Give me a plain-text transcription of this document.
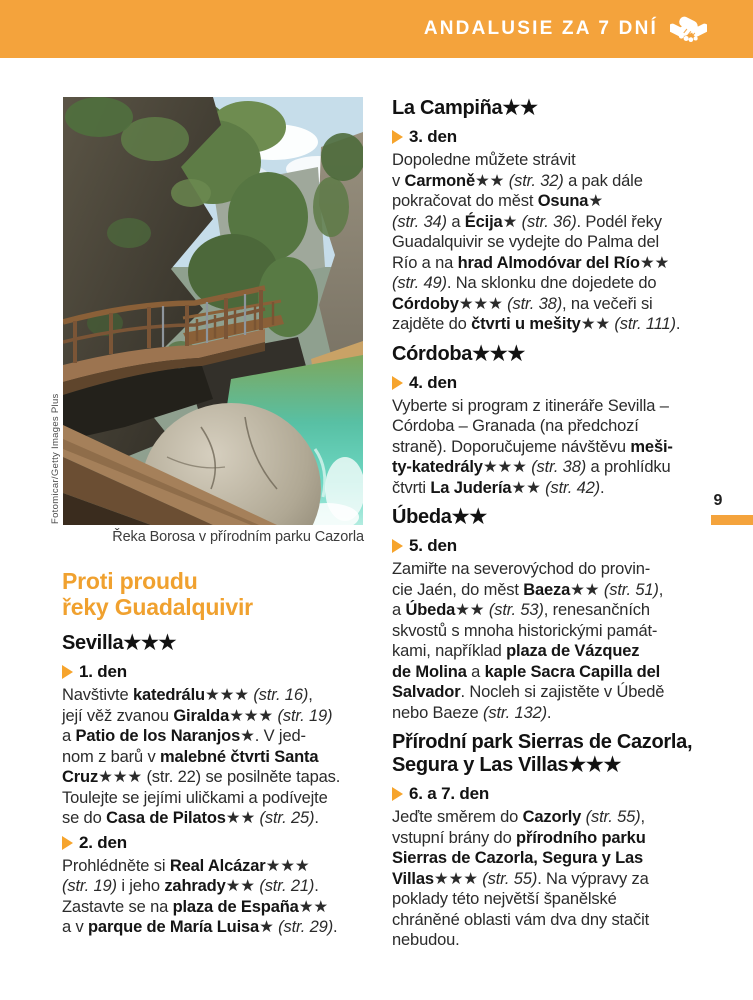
ANDALUSIE ZA 7 DNÍ
Fotomicar/Getty Images Plus
Řeka Borosa v přírodním parku Cazorla
9
Proti proudu
řeky Guadalquivir
Sevilla★★★
1. den

Navštivte katedrálu★★★ (str. 16),
její věž zvanou Giralda★★★ (str. 19)
a Patio de los Naranjos★. V jed-
nom z barů v malebné čtvrti Santa
Cruz★★★ (str. 22) se posilněte tapas.
Toulejte se jejími uličkami a podívejte
se do Casa de Pilatos★★ (str. 25).

2. den

Prohlédněte si Real Alcázar★★★
(str. 19) i jeho zahrady★★ (str. 21).
Zastavte se na plaza de España★★
a v parque de María Luisa★ (str. 29).

La Campiña★★
3. den

Dopoledne můžete strávit
v Carmoně★★ (str. 32) a pak dále
pokračovat do měst Osuna★
(str. 34) a Écija★ (str. 36). Podél řeky
Guadalquivir se vydejte do Palma del
Río a na hrad Almodóvar del Río★★
(str. 49). Na sklonku dne dojedete do
Córdoby★★★ (str. 38), na večeři si
zajděte do čtvrti u mešity★★ (str. 111).

Córdoba★★★
4. den

Vyberte si program z itineráře Sevilla –
Córdoba – Granada (na předchozí
straně). Doporučujeme návštěvu meši-
ty-katedrály★★★ (str. 38) a prohlídku
čtvrti La Judería★★ (str. 42).

Úbeda★★
5. den

Zamiřte na severovýchod do provin-
cie Jaén, do měst Baeza★★ (str. 51),
a Úbeda★★ (str. 53), renesančních
skvostů s mnoha historickými památ-
kami, například plaza de Vázquez
de Molina a kaple Sacra Capilla del
Salvador. Nocleh si zajistěte v Úbedě
nebo Baeze (str. 132).

Přírodní park Sierras de Cazorla,
Segura y Las Villas★★★
6. a 7. den

Jeďte směrem do Cazorly (str. 55),
vstupní brány do přírodního parku
Sierras de Cazorla, Segura y Las
Villas★★★ (str. 55). Na výpravy za
poklady této největší španělské
chráněné oblasti vám dva dny stačit
nebudou.
